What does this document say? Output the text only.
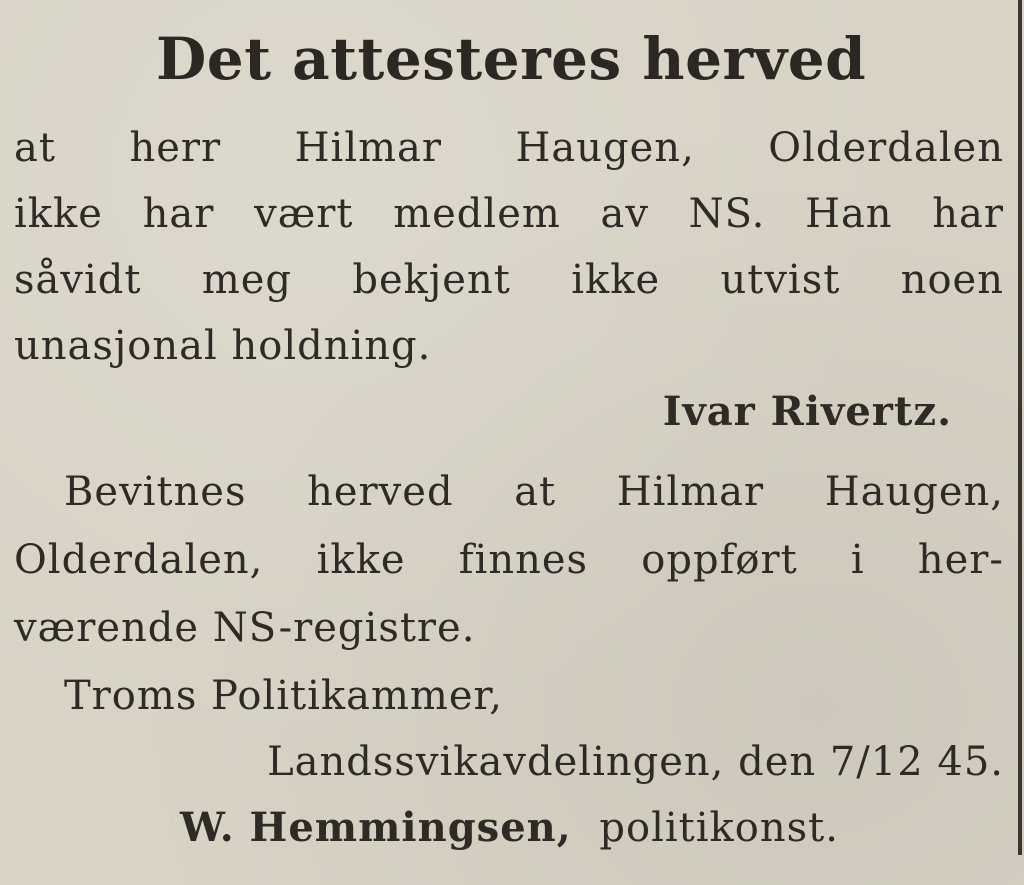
Det attesteres herved
at herr Hilmar Haugen, Olderdalen
ikke har vært medlem av NS. Han har
såvidt meg bekjent ikke utvist noen
unasjonal holdning.
Ivar Rivertz.
Bevitnes herved at Hilmar Haugen,
Olderdalen, ikke finnes oppført i her-
værende NS-registre.
Troms Politikammer,
Landssvikavdelingen, den 7/12 45.
W. Hemmingsen, politikonst.
